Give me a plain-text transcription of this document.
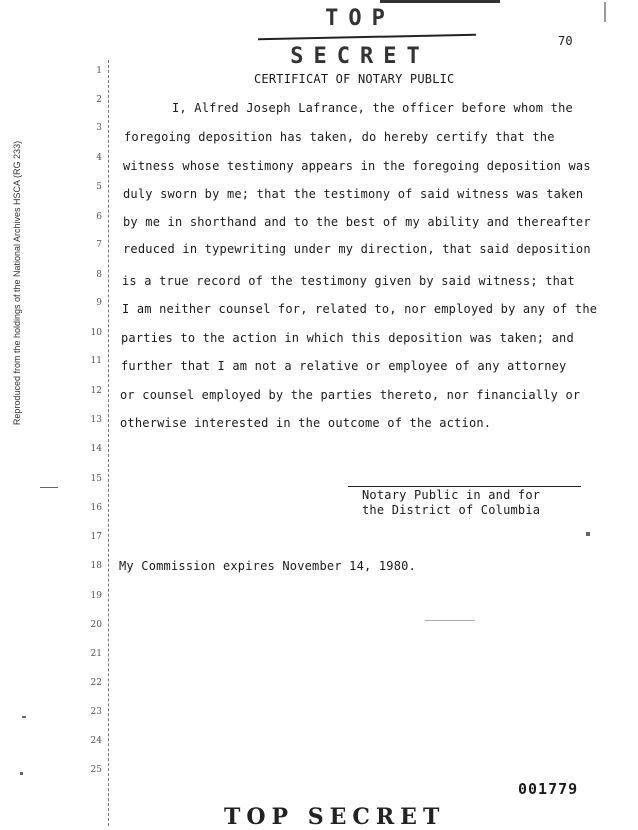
TOP SECRET
70
Reproduced from the holdings of the National Archives HSCA (RG 233)
1
2
3
4
5
6
7
8
9
10
11
12
13
14
15
16
17
18
19
20
21
22
23
24
25
CERTIFICAT OF NOTARY PUBLIC
I, Alfred Joseph Lafrance, the officer before whom the
foregoing deposition has taken, do hereby certify that the
witness whose testimony appears in the foregoing deposition was
duly sworn by me; that the testimony of said witness was taken
by me in shorthand and to the best of my ability and thereafter
reduced in typewriting under my direction, that said deposition
is a true record of the testimony given by said witness; that
I am neither counsel for, related to, nor employed by any of the
parties to the action in which this deposition was taken; and
further that I am not a relative or employee of any attorney
or counsel employed by the parties thereto, nor financially or
otherwise interested in the outcome of the action.
Notary Public in and for
the District of Columbia
My Commission expires November 14, 1980.
001779
TOP SECRET
